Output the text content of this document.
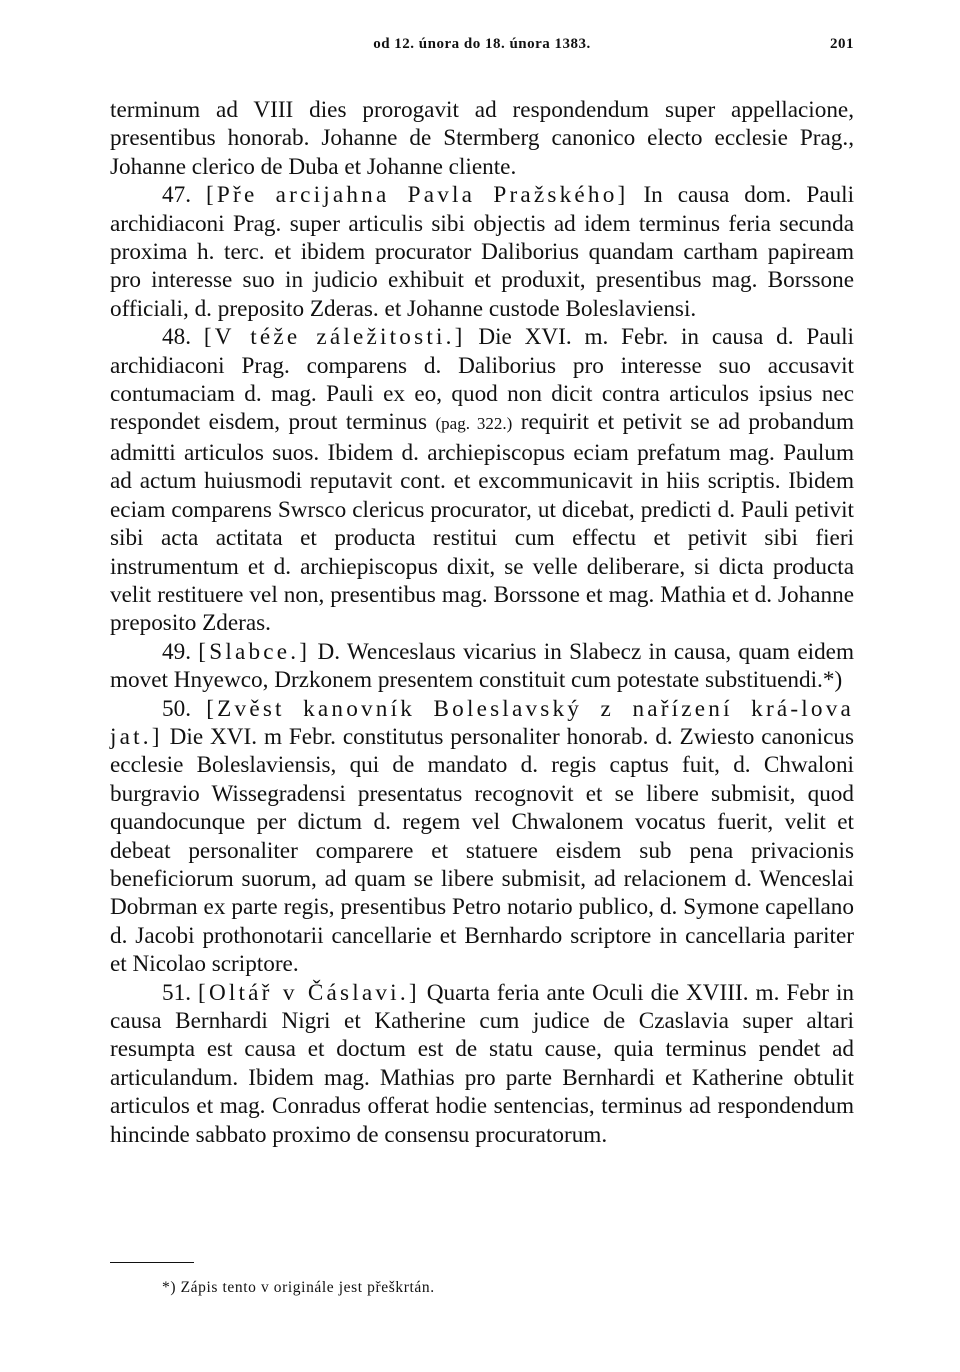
od 12. února do 18. února 1383.	201

terminum ad VIII dies prorogavit ad respondendum super appellacione, presentibus honorab. Johanne de Stermberg canonico electo ecclesie Prag., Johanne clerico de Duba et Johanne cliente.

47. [Pře arcijahna Pavla Pražského] In causa dom. Pauli archidiaconi Prag. super articulis sibi objectis ad idem terminus feria secunda proxima h. terc. et ibidem procurator Daliborius quandam cartham papiream pro interesse suo in judicio exhibuit et produxit, presentibus mag. Borssone officiali, d. preposito Zderas. et Johanne custode Boleslaviensi.

48. [V téže záležitosti.] Die XVI. m. Febr. in causa d. Pauli archidiaconi Prag. comparens d. Daliborius pro interesse suo accusavit contumaciam d. mag. Pauli ex eo, quod non dicit contra articulos ipsius nec respondet eisdem, prout terminus (pag. 322.) requirit et petivit se ad probandum admitti articulos suos. Ibidem d. archiepiscopus eciam prefatum mag. Paulum ad actum huiusmodi reputavit cont. et excommunicavit in hiis scriptis. Ibidem eciam comparens Swrsco clericus procurator, ut dicebat, predicti d. Pauli petivit sibi acta actitata et producta restitui cum effectu et petivit sibi fieri instrumentum et d. archiepiscopus dixit, se velle deliberare, si dicta producta velit restituere vel non, presentibus mag. Borssone et mag. Mathia et d. Johanne preposito Zderas.

49. [Slabce.] D. Wenceslaus vicarius in Slabecz in causa, quam eidem movet Hnyewco, Drzkonem presentem constituit cum potestate substituendi.*)

50. [Zvěst kanovník Boleslavský z nařízení krá-lova jat.] Die XVI. m Febr. constitutus personaliter honorab. d. Zwiesto canonicus ecclesie Boleslaviensis, qui de mandato d. regis captus fuit, d. Chwaloni burgravio Wissegradensi presentatus recognovit et se libere submisit, quod quandocunque per dictum d. regem vel Chwalonem vocatus fuerit, velit et debeat personaliter comparere et statuere eisdem sub pena privacionis beneficiorum suorum, ad quam se libere submisit, ad relacionem d. Wenceslai Dobrman ex parte regis, presentibus Petro notario publico, d. Symone capellano d. Jacobi prothonotarii cancellarie et Bernhardo scriptore in cancellaria pariter et Nicolao scriptore.

51. [Oltář v Čáslavi.] Quarta feria ante Oculi die XVIII. m. Febr in causa Bernhardi Nigri et Katherine cum judice de Czaslavia super altari resumpta est causa et doctum est de statu cause, quia terminus pendet ad articulandum. Ibidem mag. Mathias pro parte Bernhardi et Katherine obtulit articulos et mag. Conradus offerat hodie sentencias, terminus ad respondendum hincinde sabbato proximo de consensu procuratorum.

*) Zápis tento v originále jest přeškrtán.
